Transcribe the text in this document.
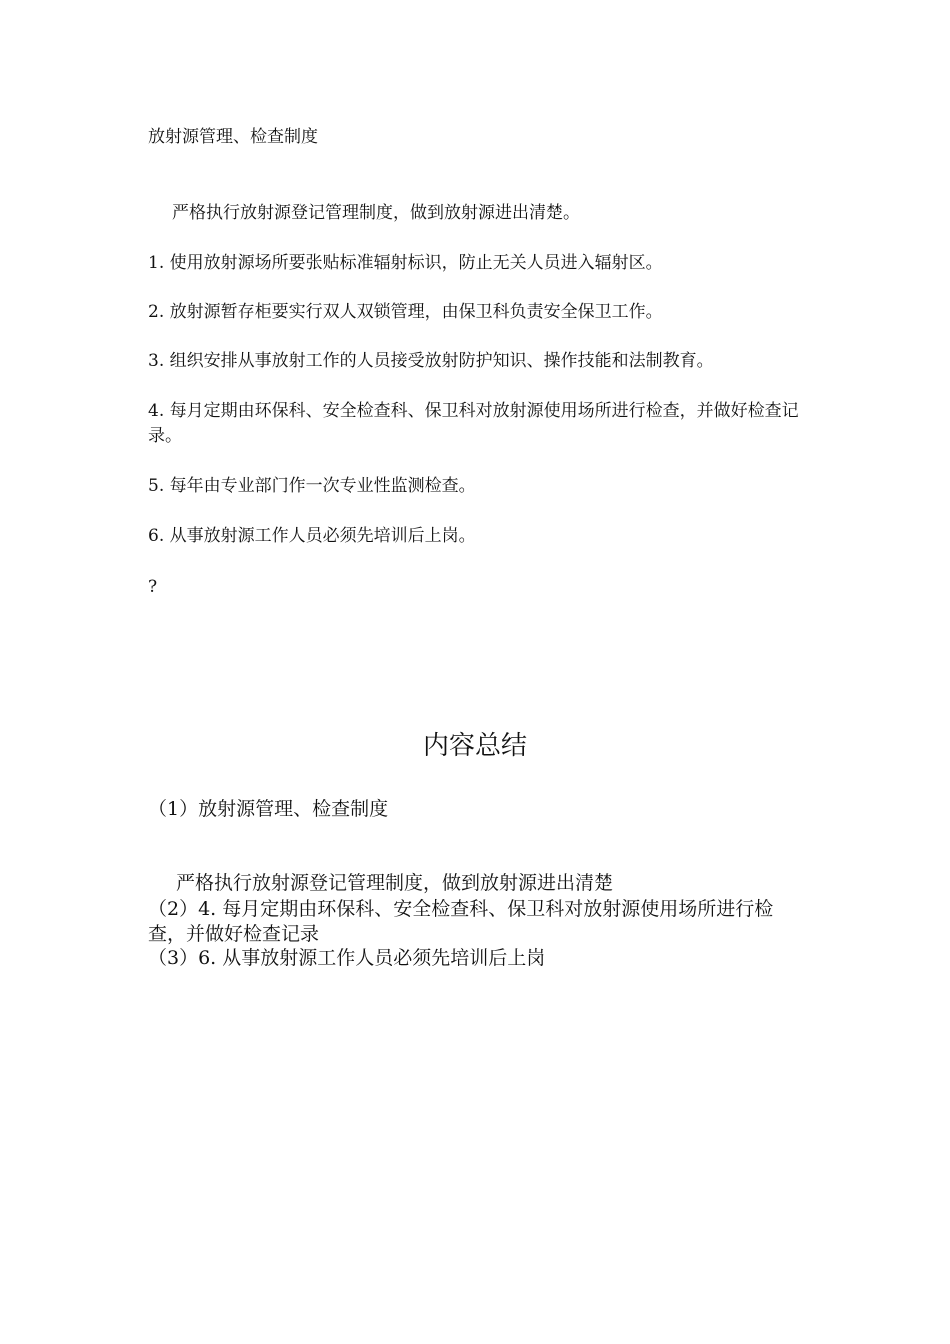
放射源管理、检查制度
严格执行放射源登记管理制度，做到放射源进出清楚。
1. 使用放射源场所要张贴标准辐射标识，防止无关人员进入辐射区。
2. 放射源暂存柜要实行双人双锁管理，由保卫科负责安全保卫工作。
3. 组织安排从事放射工作的人员接受放射防护知识、操作技能和法制教育。
4. 每月定期由环保科、安全检查科、保卫科对放射源使用场所进行检查，并做好检查记录。
5. 每年由专业部门作一次专业性监测检查。
6. 从事放射源工作人员必须先培训后上岗。
?
内容总结
（1）放射源管理、检查制度
严格执行放射源登记管理制度，做到放射源进出清楚
（2）4. 每月定期由环保科、安全检查科、保卫科对放射源使用场所进行检查，并做好检查记录
（3）6. 从事放射源工作人员必须先培训后上岗
